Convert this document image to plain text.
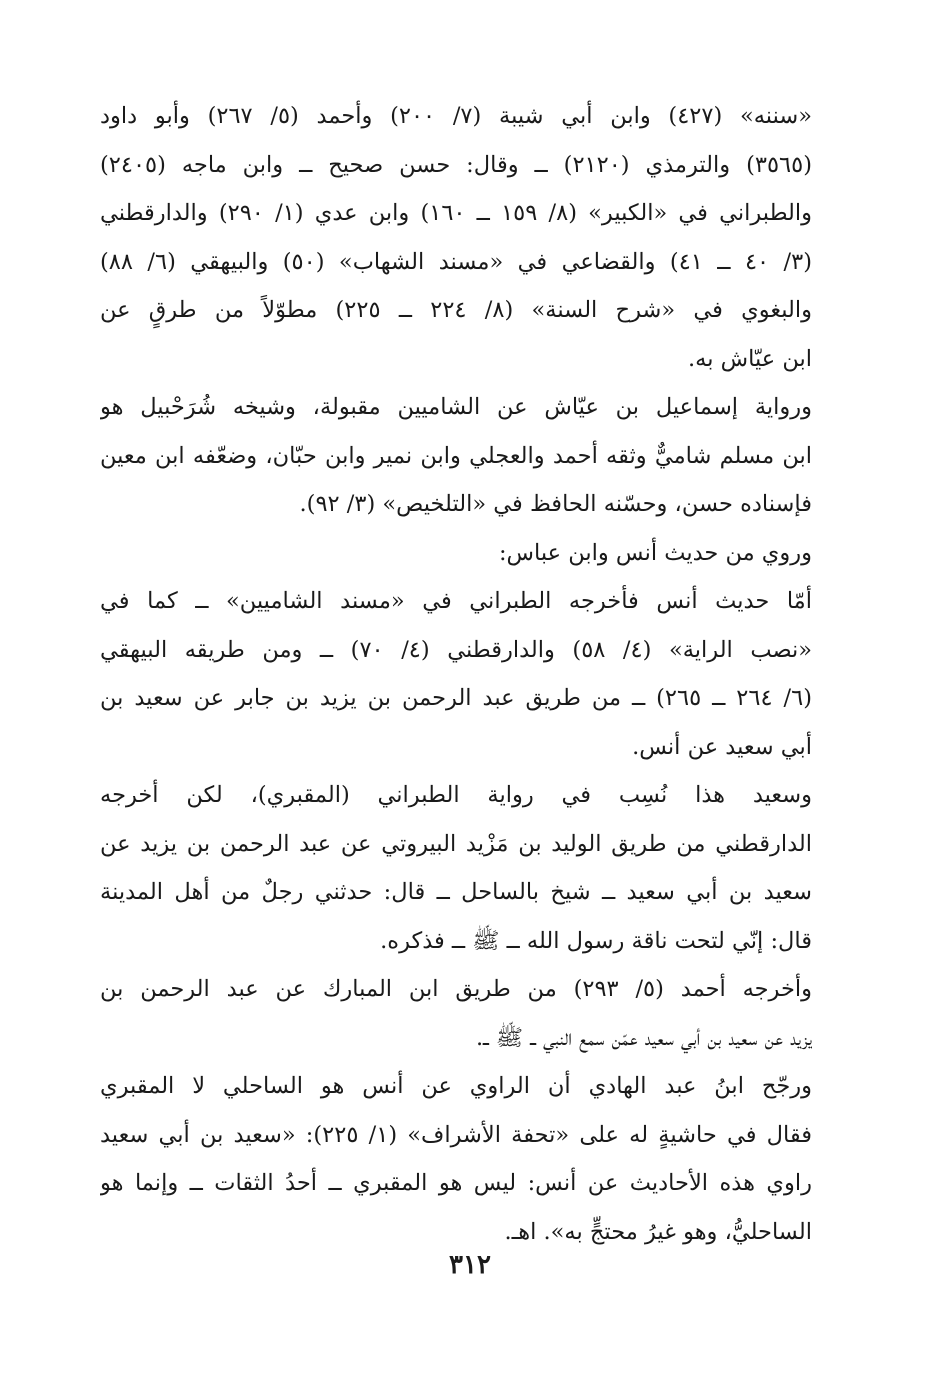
«سننه» (٤٢٧) وابن أبي شيبة (٧/ ٢٠٠) وأحمد (٥/ ٢٦٧) وأبو داود
(٣٥٦٥) والترمذي (٢١٢٠) ــ وقال: حسن صحيح ــ وابن ماجه (٢٤٠٥)
والطبراني في «الكبير» (٨/ ١٥٩ ــ ١٦٠) وابن عدي (١/ ٢٩٠) والدارقطني
(٣/ ٤٠ ــ ٤١) والقضاعي في «مسند الشهاب» (٥٠) والبيهقي (٦/ ٨٨)
والبغوي في «شرح السنة» (٨/ ٢٢٤ ــ ٢٢٥) مطوّلاً من طرقٍ عن
ابن عيّاش به.
ورواية إسماعيل بن عيّاش عن الشاميين مقبولة، وشيخه شُرَحْبيل هو
ابن مسلم شاميٌّ وثقه أحمد والعجلي وابن نمير وابن حبّان، وضعّفه ابن معين
فإسناده حسن، وحسّنه الحافظ في «التلخيص» (٣/ ٩٢).
وروي من حديث أنس وابن عباس:
أمّا حديث أنس فأخرجه الطبراني في «مسند الشاميين» ــ كما في
«نصب الراية» (٤/ ٥٨) والدارقطني (٤/ ٧٠) ــ ومن طريقه البيهقي
(٦/ ٢٦٤ ــ ٢٦٥) ــ من طريق عبد الرحمن بن يزيد بن جابر عن سعيد بن
أبي سعيد عن أنس.
وسعيد هذا نُسِب في رواية الطبراني (المقبري)، لكن أخرجه
الدارقطني من طريق الوليد بن مَزْيد البيروتي عن عبد الرحمن بن يزيد عن
سعيد بن أبي سعيد ــ شيخ بالساحل ــ قال: حدثني رجلٌ من أهل المدينة
قال: إنّي لتحت ناقة رسول الله ــ ﷺ ــ فذكره.
وأخرجه أحمد (٥/ ٢٩٣) من طريق ابن المبارك عن عبد الرحمن بن
يزيد عن سعيد بن أبي سعيد عمّن سمع النبي ــ ﷺ ــ.
ورجّح ابنُ عبد الهادي أن الراوي عن أنس هو الساحلي لا المقبري
فقال في حاشيةٍ له على «تحفة الأشراف» (١/ ٢٢٥): «سعيد بن أبي سعيد
راوي هذه الأحاديث عن أنس: ليس هو المقبري ــ أحدُ الثقات ــ وإنما هو
الساحليُّ، وهو غيرُ محتجٍّ به». اهـ.
٣١٢
